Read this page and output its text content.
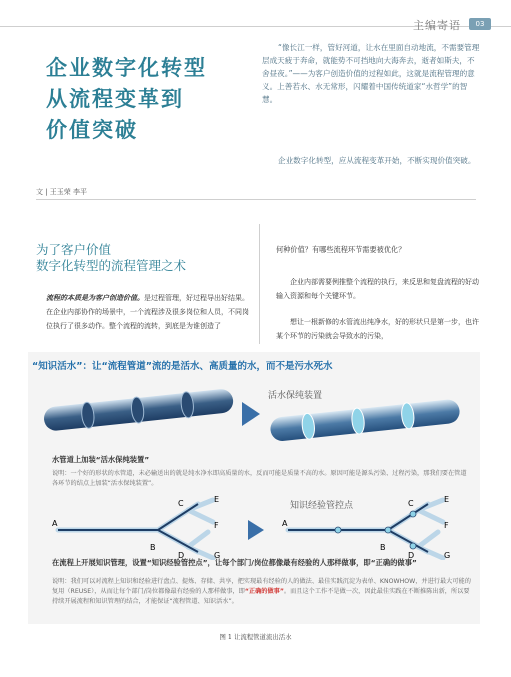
主编寄语	03
企业数字化转型
从流程变革到
价值突破
“像长江一样，管好河道，让水在里面自动地流，不需要管理层成天疲于奔命，就能势不可挡地向大海奔去，逝者如斯夫，不舍昼夜。”——为客户创造价值的过程如此，这就是流程管理的意义。上善若水、水无常形，闪耀着中国传统道家“水哲学”的智慧。
企业数字化转型，应从流程变革开始，不断实现价值突破。
文 | 王玉荣 李平
为了客户价值
数字化转型的流程管理之术
流程的本质是为客户创造价值。是过程管理，好过程导出好结果。在企业内部协作的场景中，一个流程涉及很多岗位和人员，不同岗位执行了很多动作。整个流程的流转，到底是为谁创造了
何种价值？有哪些流程环节需要被优化？

企业内部需要例推整个流程的执行，来反思和复盘流程的好动输入资源和每个关键环节。

想让一根新修的水管流出纯净水，好的形状只是第一步，也许某个环节的污染就会导致水的污染，

“知识活水”：让“流程管道”流的是活水、高质量的水，而不是污水死水
活水保纯装置
水管道上加装“活水保纯装置”
说明：一个好的形状的水管道，未必输送出的就是纯水净水即高质量的水，反而可能是质量不高的水。原因可能是源头污染、过程污染，那我们要在管道各环节的结点上加装“活水保纯装置”。
A
B
C
D
E
F
G
A
B
C
D
E
F
G
知识经验管控点
在流程上开展知识管理，设置“知识经验管控点”，让每个部门/岗位都像最有经验的人那样做事，即“正确的做事”
说明：我们可以对流程上知识和经验进行盘点、提炼、存储、共享，把实现最有经验的人的做法、最佳实践沉淀为表单、KNOWHOW，并进行最大可能的复用（REUSE），从而让每个部门/岗位都像最有经验的人那样做事，即“正确的做事”。而且这个工作不是做一次，因此最佳实践在不断推陈出新，所以要持续开展流程和知识管理的结合，才能保证“流程管道、知识活水”。
图 1 让流程管道流出活水
